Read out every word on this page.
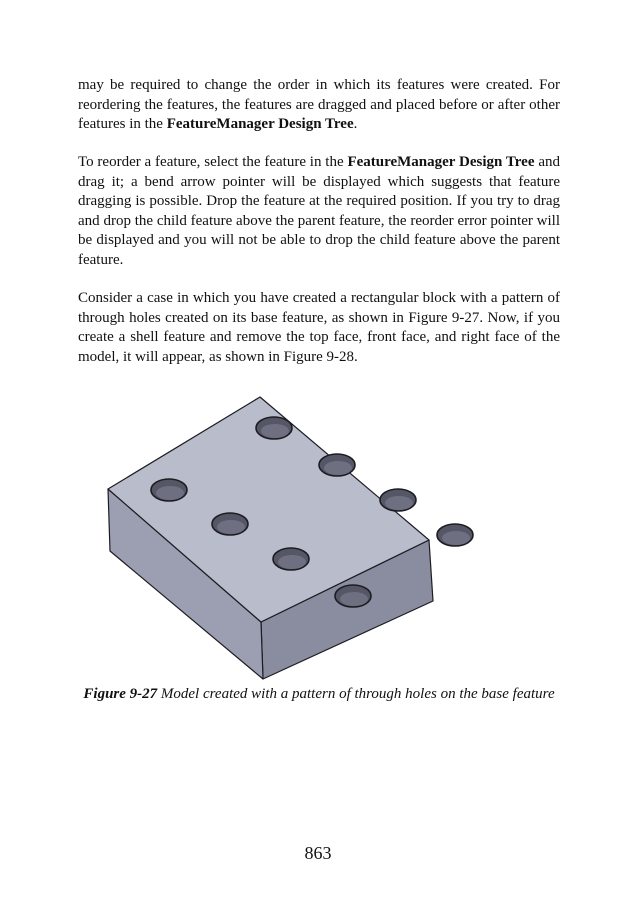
may be required to change the order in which its features were created. For reordering the features, the features are dragged and placed before or after other features in the FeatureManager Design Tree.

To reorder a feature, select the feature in the FeatureManager Design Tree and drag it; a bend arrow pointer will be displayed which suggests that feature dragging is possible. Drop the feature at the required position. If you try to drag and drop the child feature above the parent feature, the reorder error pointer will be displayed and you will not be able to drop the child feature above the parent feature.

Consider a case in which you have created a rectangular block with a pattern of through holes created on its base feature, as shown in Figure 9-27. Now, if you create a shell feature and remove the top face, front face, and right face of the model, it will appear, as shown in Figure 9-28.

Figure 9-27 Model created with a pattern of through holes on the base feature

863
